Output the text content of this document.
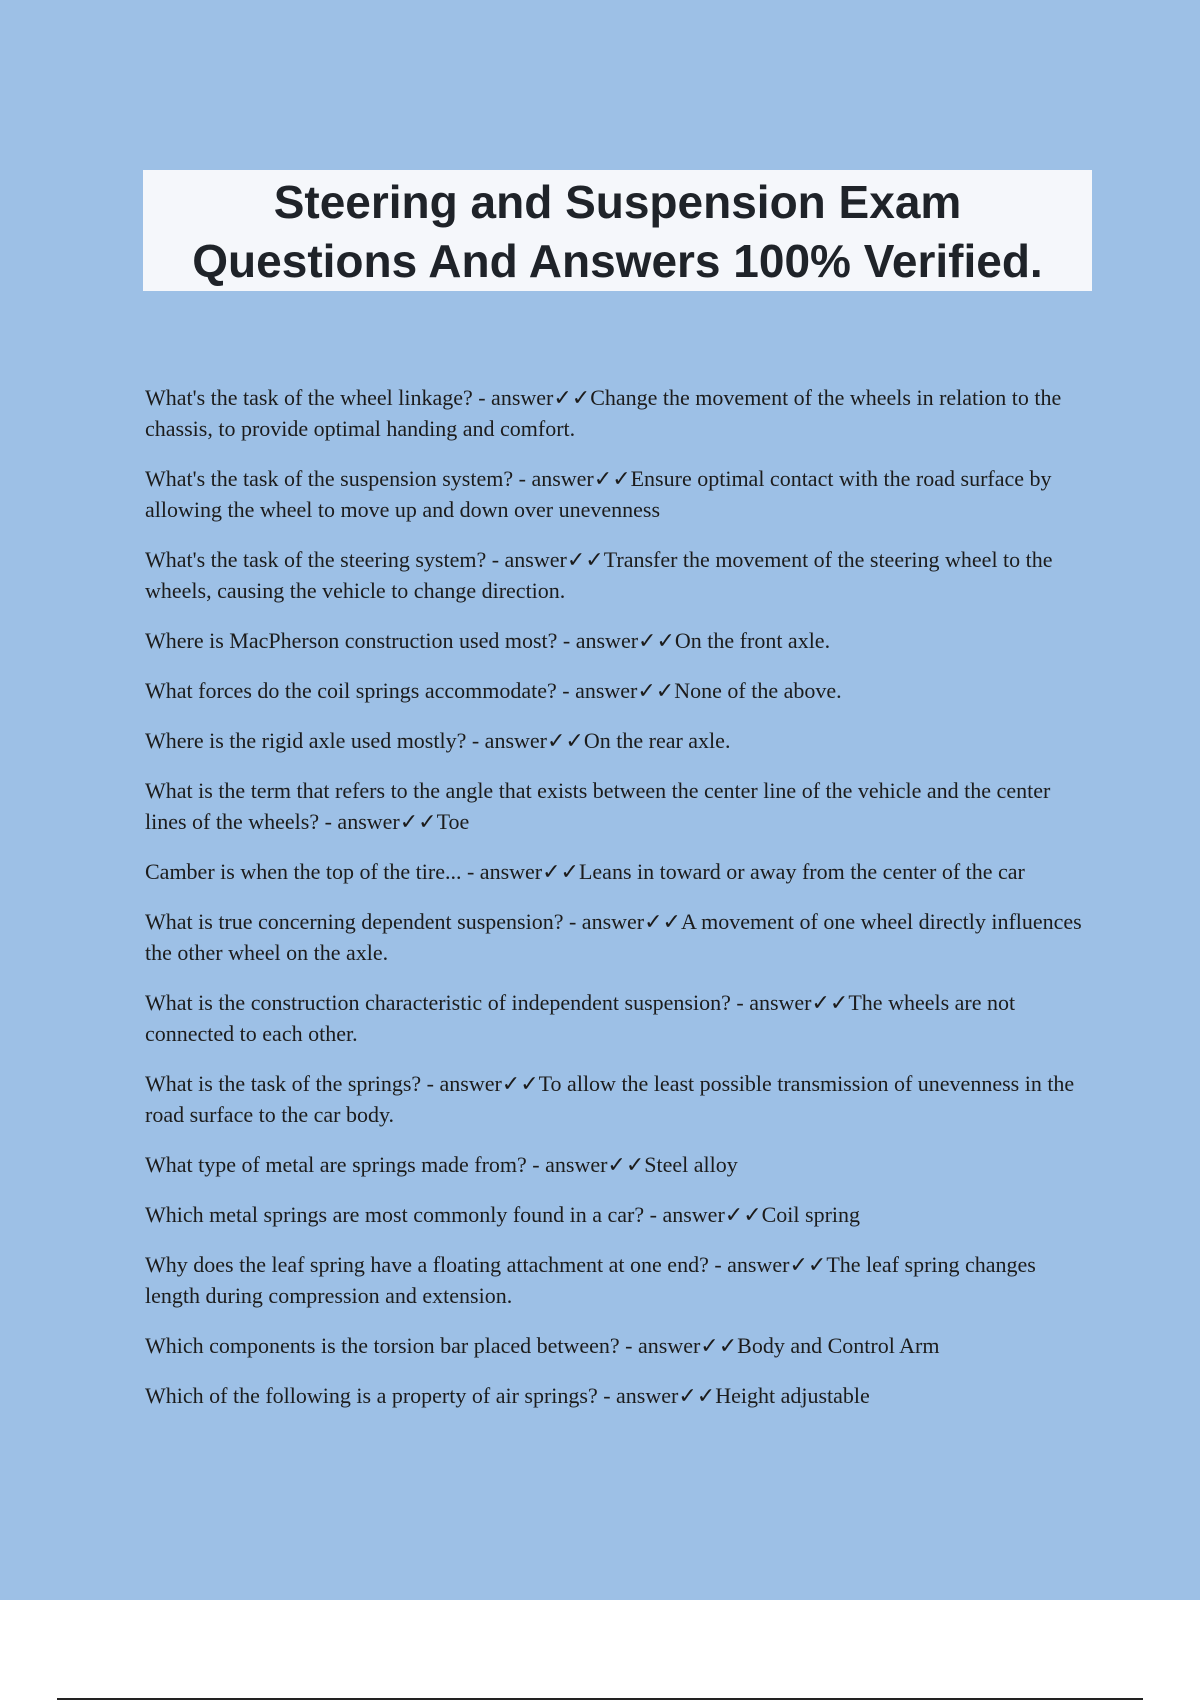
Steering and Suspension Exam
Questions And Answers 100% Verified.

What's the task of the wheel linkage? - answer✓✓Change the movement of the wheels in relation to the chassis, to provide optimal handing and comfort.

What's the task of the suspension system? - answer✓✓Ensure optimal contact with the road surface by allowing the wheel to move up and down over unevenness

What's the task of the steering system? - answer✓✓Transfer the movement of the steering wheel to the wheels, causing the vehicle to change direction.

Where is MacPherson construction used most? - answer✓✓On the front axle.

What forces do the coil springs accommodate? - answer✓✓None of the above.

Where is the rigid axle used mostly? - answer✓✓On the rear axle.

What is the term that refers to the angle that exists between the center line of the vehicle and the center lines of the wheels? - answer✓✓Toe

Camber is when the top of the tire... - answer✓✓Leans in toward or away from the center of the car

What is true concerning dependent suspension? - answer✓✓A movement of one wheel directly influences the other wheel on the axle.

What is the construction characteristic of independent suspension? - answer✓✓The wheels are not connected to each other.

What is the task of the springs? - answer✓✓To allow the least possible transmission of unevenness in the road surface to the car body.

What type of metal are springs made from? - answer✓✓Steel alloy

Which metal springs are most commonly found in a car? - answer✓✓Coil spring

Why does the leaf spring have a floating attachment at one end? - answer✓✓The leaf spring changes length during compression and extension.

Which components is the torsion bar placed between? - answer✓✓Body and Control Arm

Which of the following is a property of air springs? - answer✓✓Height adjustable
